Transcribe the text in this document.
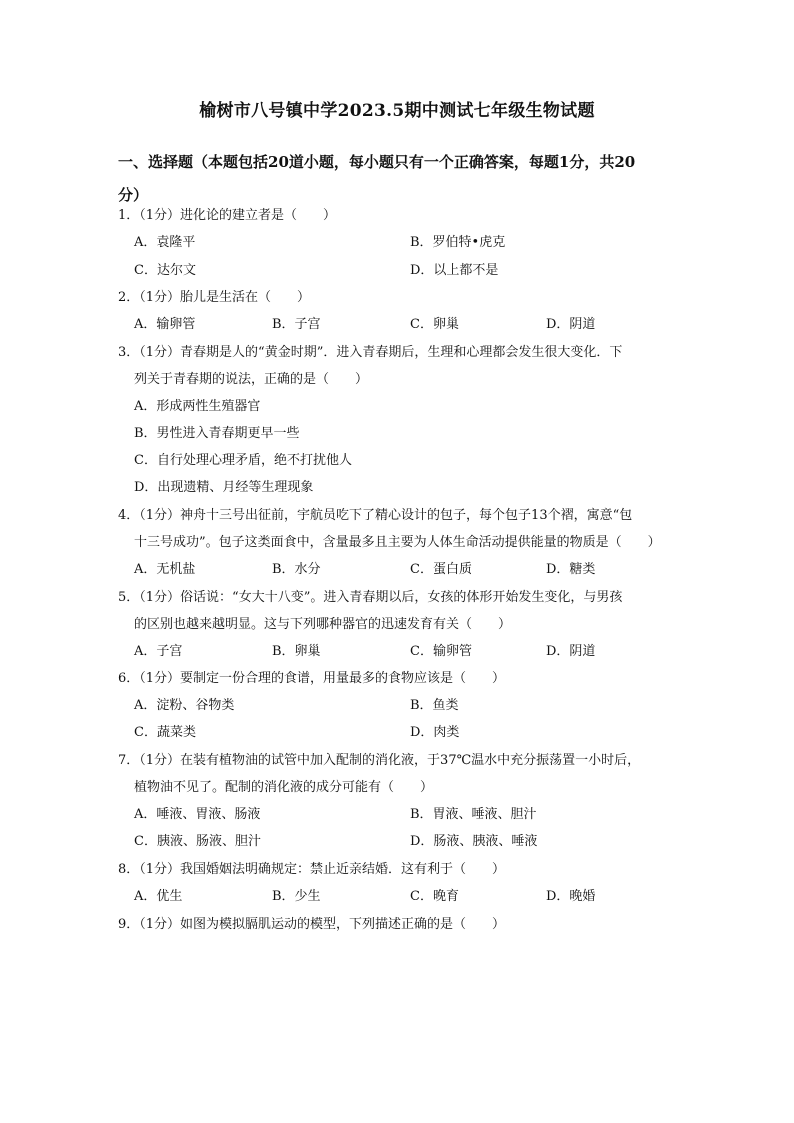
榆树市八号镇中学2023.5期中测试七年级生物试题
一、选择题（本题包括20道小题，每小题只有一个正确答案，每题1分，共20
分）
1．（1分）进化论的建立者是（　　）
A．袁隆平	B．罗伯特•虎克
C．达尔文	D．以上都不是
2．（1分）胎儿是生活在（　　）
A．输卵管	B．子宫	C．卵巢	D．阴道
3．（1分）青春期是人的“黄金时期”．进入青春期后，生理和心理都会发生很大变化．下
列关于青春期的说法，正确的是（　　）
A．形成两性生殖器官
B．男性进入青春期更早一些
C．自行处理心理矛盾，绝不打扰他人
D．出现遗精、月经等生理现象
4．（1分）神舟十三号出征前，宇航员吃下了精心设计的包子，每个包子13个褶，寓意“包
十三号成功”。包子这类面食中，含量最多且主要为人体生命活动提供能量的物质是（　　）
A．无机盐	B．水分	C．蛋白质	D．糖类
5．（1分）俗话说：“女大十八变”。进入青春期以后，女孩的体形开始发生变化，与男孩
的区别也越来越明显。这与下列哪种器官的迅速发育有关（　　）
A．子宫	B．卵巢	C．输卵管	D．阴道
6．（1分）要制定一份合理的食谱，用量最多的食物应该是（　　）
A．淀粉、谷物类	B．鱼类
C．蔬菜类	D．肉类
7．（1分）在装有植物油的试管中加入配制的消化液，于37℃温水中充分振荡置一小时后，
植物油不见了。配制的消化液的成分可能有（　　）
A．唾液、胃液、肠液	B．胃液、唾液、胆汁
C．胰液、肠液、胆汁	D．肠液、胰液、唾液
8．（1分）我国婚姻法明确规定：禁止近亲结婚．这有利于（　　）
A．优生	B．少生	C．晚育	D．晚婚
9．（1分）如图为模拟膈肌运动的模型，下列描述正确的是（　　）
